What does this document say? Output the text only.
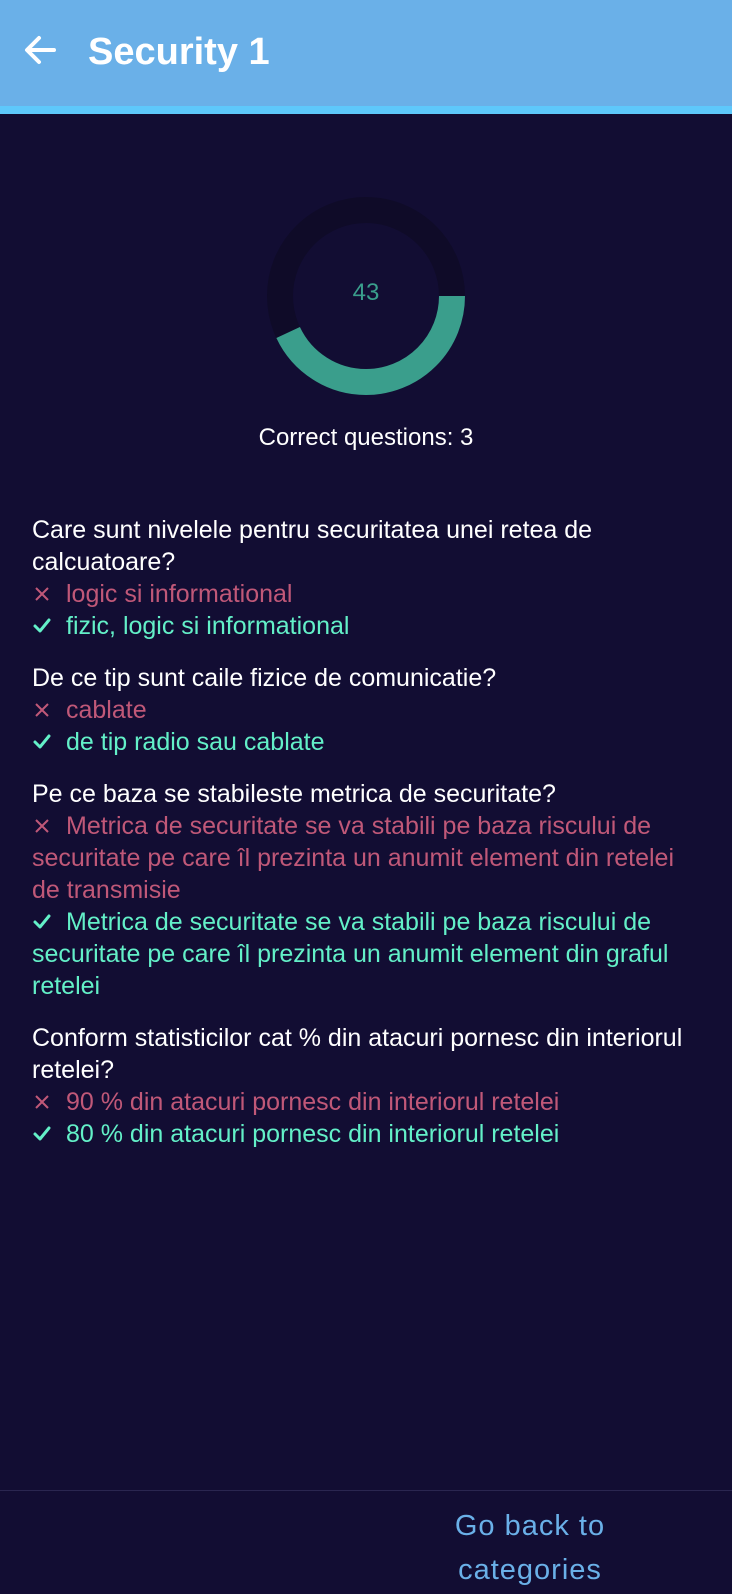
Security 1
43
Correct questions: 3
Care sunt nivelele pentru securitatea unei retea de calcuatoare?
logic si informational
fizic, logic si informational
De ce tip sunt caile fizice de comunicatie?
cablate
de tip radio sau cablate
Pe ce baza se stabileste metrica de securitate?
Metrica de securitate se va stabili pe baza riscului de securitate pe care îl prezinta un anumit element din retelei de transmisie
Metrica de securitate se va stabili pe baza riscului de securitate pe care îl prezinta un anumit element din graful retelei
Conform statisticilor cat % din atacuri pornesc din interiorul retelei?
90 % din atacuri pornesc din interiorul retelei
80 % din atacuri pornesc din interiorul retelei
Go back to categories
